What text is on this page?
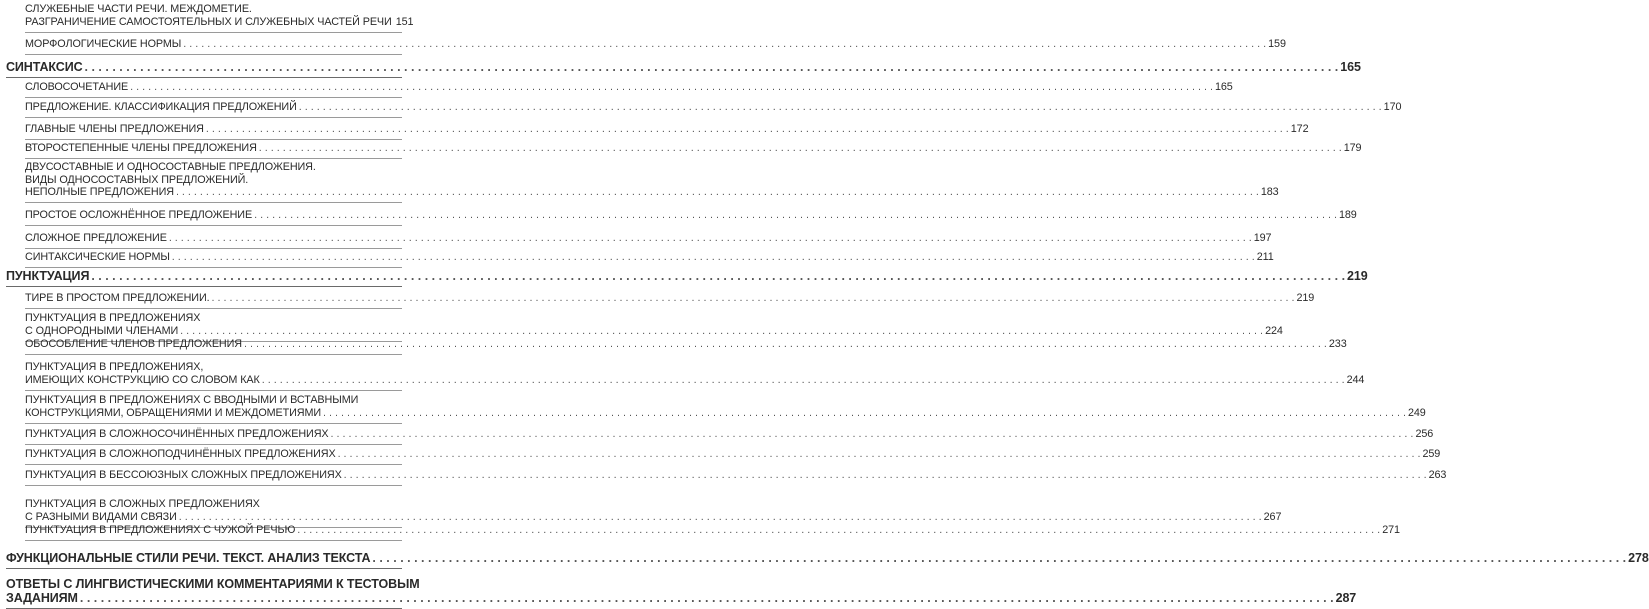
СЛУЖЕБНЫЕ ЧАСТИ РЕЧИ. МЕЖДОМЕТИЕ.
РАЗГРАНИЧЕНИЕ САМОСТОЯТЕЛЬНЫХ И СЛУЖЕБНЫХ ЧАСТЕЙ РЕЧИ 151
МОРФОЛОГИЧЕСКИЕ НОРМЫ . . .	159
СИНТАКСИС . . .	165
СЛОВОСОЧЕТАНИЕ . . .	165
ПРЕДЛОЖЕНИЕ. КЛАССИФИКАЦИЯ ПРЕДЛОЖЕНИЙ . . .	170
ГЛАВНЫЕ ЧЛЕНЫ ПРЕДЛОЖЕНИЯ . . .	172
ВТОРОСТЕПЕННЫЕ ЧЛЕНЫ ПРЕДЛОЖЕНИЯ . . .	179
ДВУСОСТАВНЫЕ И ОДНОСОСТАВНЫЕ ПРЕДЛОЖЕНИЯ.
ВИДЫ ОДНОСОСТАВНЫХ ПРЕДЛОЖЕНИЙ.
НЕПОЛНЫЕ ПРЕДЛОЖЕНИЯ . . .	183
ПРОСТОЕ ОСЛОЖНЁННОЕ ПРЕДЛОЖЕНИЕ . . .	189
СЛОЖНОЕ ПРЕДЛОЖЕНИЕ . . .	197
СИНТАКСИЧЕСКИЕ НОРМЫ . . .	211
ПУНКТУАЦИЯ . . .	219
ТИРЕ В ПРОСТОМ ПРЕДЛОЖЕНИИ. . . .	219
ПУНКТУАЦИЯ В ПРЕДЛОЖЕНИЯХ
С ОДНОРОДНЫМИ ЧЛЕНАМИ . . .	224
ОБОСОБЛЕНИЕ ЧЛЕНОВ ПРЕДЛОЖЕНИЯ . . .	233
ПУНКТУАЦИЯ В ПРЕДЛОЖЕНИЯХ,
ИМЕЮЩИХ КОНСТРУКЦИЮ СО СЛОВОМ КАК . . .	244
ПУНКТУАЦИЯ В ПРЕДЛОЖЕНИЯХ С ВВОДНЫМИ И ВСТАВНЫМИ
КОНСТРУКЦИЯМИ, ОБРАЩЕНИЯМИ И МЕЖДОМЕТИЯМИ . . .	249
ПУНКТУАЦИЯ В СЛОЖНОСОЧИНЁННЫХ ПРЕДЛОЖЕНИЯХ . . .	256
ПУНКТУАЦИЯ В СЛОЖНОПОДЧИНЁННЫХ ПРЕДЛОЖЕНИЯХ . . .	259
ПУНКТУАЦИЯ В БЕССОЮЗНЫХ СЛОЖНЫХ ПРЕДЛОЖЕНИЯХ . . .	263
ПУНКТУАЦИЯ В СЛОЖНЫХ ПРЕДЛОЖЕНИЯХ
С РАЗНЫМИ ВИДАМИ СВЯЗИ . . .	267
ПУНКТУАЦИЯ В ПРЕДЛОЖЕНИЯХ С ЧУЖОЙ РЕЧЬЮ . . .	271
ФУНКЦИОНАЛЬНЫЕ СТИЛИ РЕЧИ. ТЕКСТ. АНАЛИЗ ТЕКСТА . . .	278
ОТВЕТЫ С ЛИНГВИСТИЧЕСКИМИ КОММЕНТАРИЯМИ К ТЕСТОВЫМ
ЗАДАНИЯМ . . .	287
